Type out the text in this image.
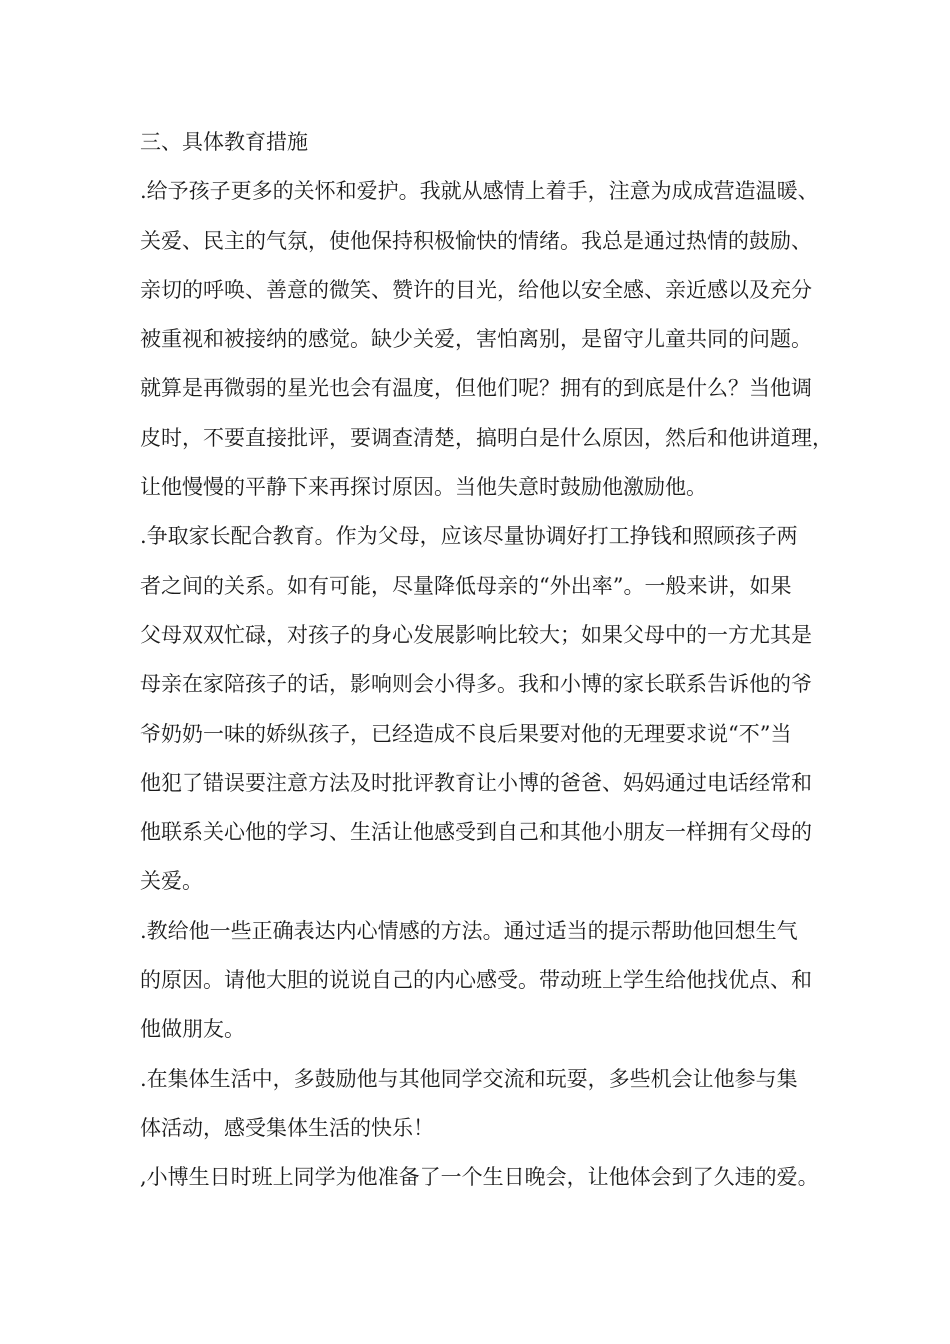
三、具体教育措施
.给予孩子更多的关怀和爱护。我就从感情上着手，注意为成成营造温暖、
关爱、民主的气氛，使他保持积极愉快的情绪。我总是通过热情的鼓励、
亲切的呼唤、善意的微笑、赞许的目光，给他以安全感、亲近感以及充分
被重视和被接纳的感觉。缺少关爱，害怕离别，是留守儿童共同的问题。
就算是再微弱的星光也会有温度，但他们呢？拥有的到底是什么？当他调
皮时，不要直接批评，要调查清楚，搞明白是什么原因，然后和他讲道理，
让他慢慢的平静下来再探讨原因。当他失意时鼓励他激励他。
.争取家长配合教育。作为父母，应该尽量协调好打工挣钱和照顾孩子两
者之间的关系。如有可能，尽量降低母亲的“外出率”。一般来讲，如果
父母双双忙碌，对孩子的身心发展影响比较大；如果父母中的一方尤其是
母亲在家陪孩子的话，影响则会小得多。我和小博的家长联系告诉他的爷
爷奶奶一味的娇纵孩子，已经造成不良后果要对他的无理要求说“不”当
他犯了错误要注意方法及时批评教育让小博的爸爸、妈妈通过电话经常和
他联系关心他的学习、生活让他感受到自己和其他小朋友一样拥有父母的
关爱。
.教给他一些正确表达内心情感的方法。通过适当的提示帮助他回想生气
的原因。请他大胆的说说自己的内心感受。带动班上学生给他找优点、和
他做朋友。
.在集体生活中，多鼓励他与其他同学交流和玩耍，多些机会让他参与集
体活动，感受集体生活的快乐！
,小博生日时班上同学为他准备了一个生日晚会，让他体会到了久违的爱。
